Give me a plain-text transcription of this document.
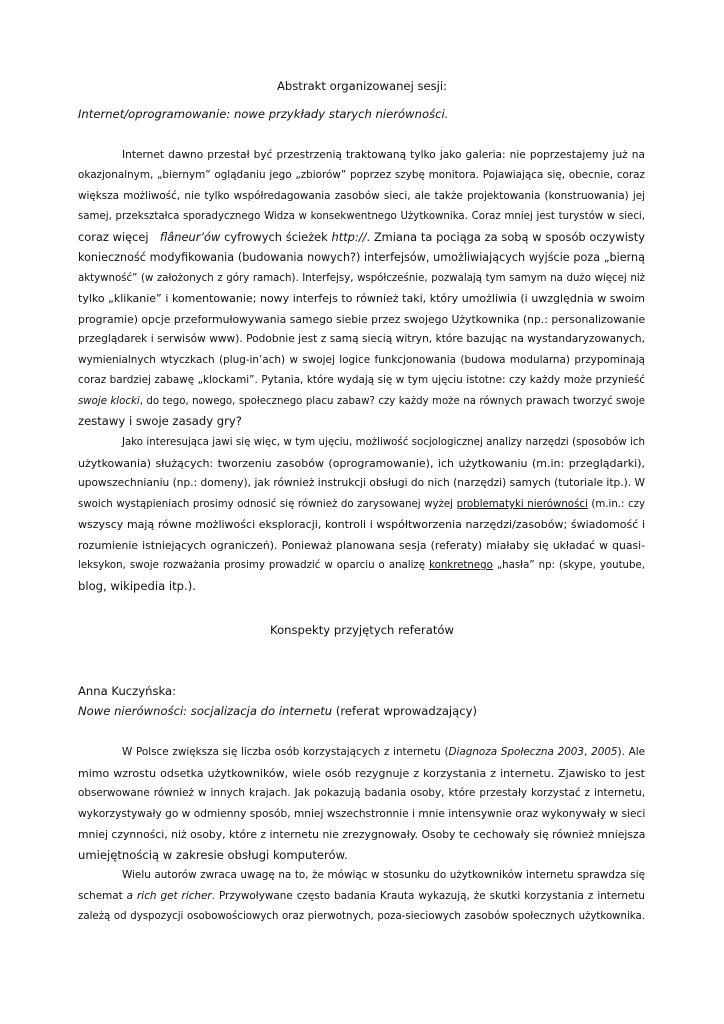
Abstrakt organizowanej sesji:
Internet/oprogramowanie: nowe przykłady starych nierówności.
Internet dawno przestał być przestrzenią traktowaną tylko jako galeria: nie poprzestajemy już na
okazjonalnym, „biernym” oglądaniu jego „zbiorów” poprzez szybę monitora. Pojawiająca się, obecnie, coraz
większa możliwość, nie tylko współredagowania zasobów sieci, ale także projektowania (konstruowania) jej
samej, przekształca sporadycznego Widza w konsekwentnego Użytkownika. Coraz mniej jest turystów w sieci,
coraz więcej flâneur’ów cyfrowych ścieżek http://. Zmiana ta pociąga za sobą w sposób oczywisty
konieczność modyfikowania (budowania nowych?) interfejsów, umożliwiających wyjście poza „bierną
aktywność” (w założonych z góry ramach). Interfejsy, współcześnie, pozwalają tym samym na dużo więcej niż
tylko „klikanie” i komentowanie; nowy interfejs to również taki, który umożliwia (i uwzględnia w swoim
programie) opcje przeformułowywania samego siebie przez swojego Użytkownika (np.: personalizowanie
przeglądarek i serwisów www). Podobnie jest z samą siecią witryn, które bazując na wystandaryzowanych,
wymienialnych wtyczkach (plug-in’ach) w swojej logice funkcjonowania (budowa modularna) przypominają
coraz bardziej zabawę „klockami”. Pytania, które wydają się w tym ujęciu istotne: czy każdy może przynieść
swoje klocki, do tego, nowego, społecznego placu zabaw? czy każdy może na równych prawach tworzyć swoje
zestawy i swoje zasady gry?
Jako interesująca jawi się więc, w tym ujęciu, możliwość socjologicznej analizy narzędzi (sposobów ich
użytkowania) służących: tworzeniu zasobów (oprogramowanie), ich użytkowaniu (m.in: przeglądarki),
upowszechnianiu (np.: domeny), jak również instrukcji obsługi do nich (narzędzi) samych (tutoriale itp.). W
swoich wystąpieniach prosimy odnosić się również do zarysowanej wyżej problematyki nierówności (m.in.: czy
wszyscy mają równe możliwości eksploracji, kontroli i współtworzenia narzędzi/zasobów; świadomość i
rozumienie istniejących ograniczeń). Ponieważ planowana sesja (referaty) miałaby się układać w quasi-
leksykon, swoje rozważania prosimy prowadzić w oparciu o analizę konkretnego „hasła” np: (skype, youtube,
blog, wikipedia itp.).
Konspekty przyjętych referatów
Anna Kuczyńska:
Nowe nierówności: socjalizacja do internetu (referat wprowadzający)
W Polsce zwiększa się liczba osób korzystających z internetu (Diagnoza Społeczna 2003, 2005). Ale
mimo wzrostu odsetka użytkowników, wiele osób rezygnuje z korzystania z internetu. Zjawisko to jest
obserwowane również w innych krajach. Jak pokazują badania osoby, które przestały korzystać z internetu,
wykorzystywały go w odmienny sposób, mniej wszechstronnie i mnie intensywnie oraz wykonywały w sieci
mniej czynności, niż osoby, które z internetu nie zrezygnowały. Osoby te cechowały się również mniejsza
umiejętnością w zakresie obsługi komputerów.
Wielu autorów zwraca uwagę na to, że mówiąc w stosunku do użytkowników internetu sprawdza się
schemat a rich get richer. Przywoływane często badania Krauta wykazują, że skutki korzystania z internetu
zależą od dyspozycji osobowościowych oraz pierwotnych, poza-sieciowych zasobów społecznych użytkownika.
